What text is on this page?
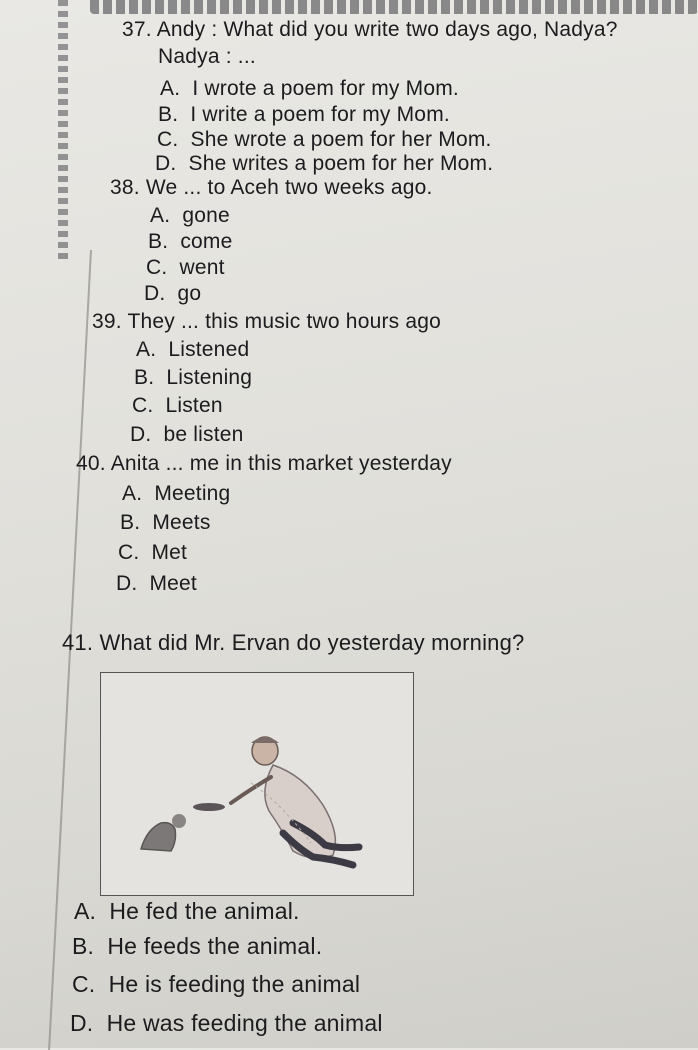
37. Andy : What did you write two days ago, Nadya?
Nadya : ...
A. I wrote a poem for my Mom.
B. I write a poem for my Mom.
C. She wrote a poem for her Mom.
D. She writes a poem for her Mom.
38. We ... to Aceh two weeks ago.
A. gone
B. come
C. went
D. go
39. They ... this music two hours ago
A. Listened
B. Listening
C. Listen
D. be listen
40. Anita ... me in this market yesterday
A. Meeting
B. Meets
C. Met
D. Meet
41. What did Mr. Ervan do yesterday morning?
A. He fed the animal.
B. He feeds the animal.
C. He is feeding the animal
D. He was feeding the animal
